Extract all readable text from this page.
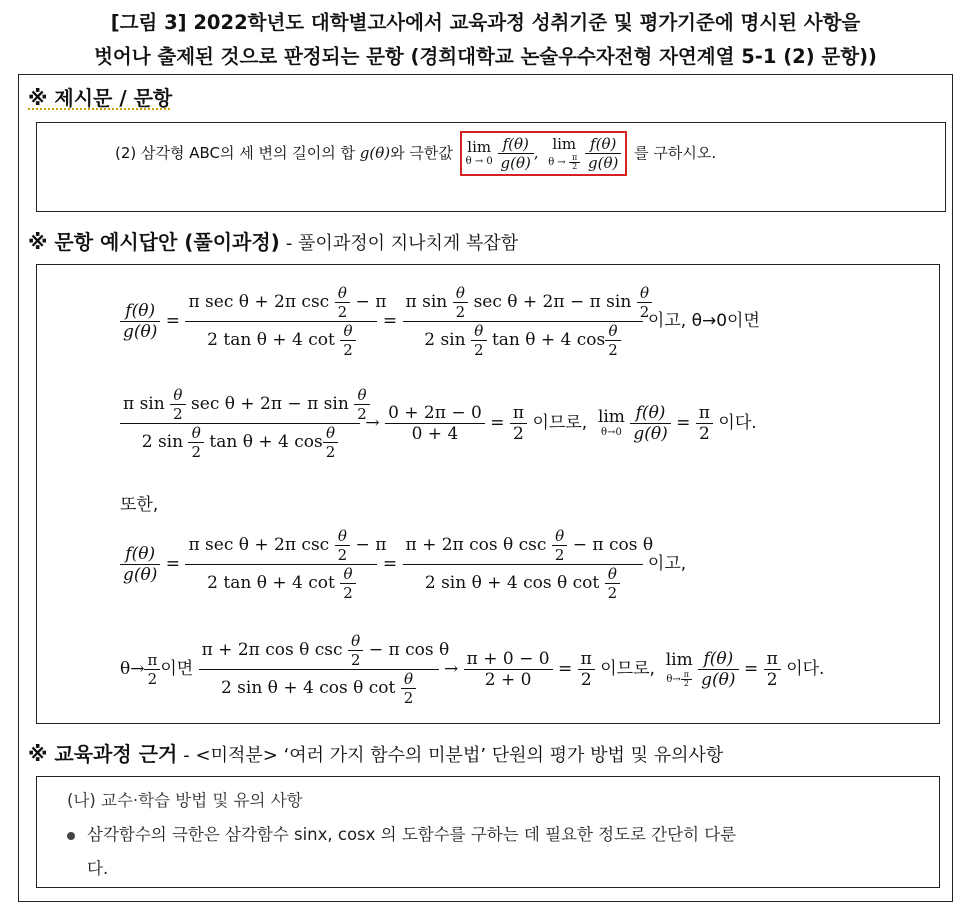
[그림 3] 2022학년도 대학별고사에서 교육과정 성취기준 및 평가기준에 명시된 사항을
벗어나 출제된 것으로 판정되는 문항 (경희대학교 논술우수자전형 자연계열 5-1 (2) 문항))
※ 제시문 / 문항
(2) 삼각형 ABC의 세 변의 길이의 합 g(θ)와 극한값 lim
θ → 0
$\frac{f(\theta)}{g(\theta)}$ , lim
$\theta \to \frac{\pi}{2}$
$\frac{f(\theta)}{g(\theta)}$ 를 구하시오.
※ 문항 예시답안 (풀이과정) - 풀이과정이 지나치게 복잡함
$\frac{f(\theta)}{g(\theta)} = \frac{\pi \sec \theta + 2\pi \csc \frac{\theta}{2} - \pi}{2 \tan \theta + 4 \cot \frac{\theta}{2}} = \frac{\pi \sin \frac{\theta}{2} \sec \theta + 2\pi - \pi \sin \frac{\theta}{2}}{2 \sin \frac{\theta}{2} \tan \theta + 4 \cos \frac{\theta}{2}}$ 이고, θ→0이면
$\frac{\pi \sin \frac{\theta}{2} \sec \theta + 2\pi - \pi \sin \frac{\theta}{2}}{2 \sin \frac{\theta}{2} \tan \theta + 4 \cos \frac{\theta}{2}} \to \frac{0 + 2\pi - 0}{0 + 4} = \frac{\pi}{2}$ 이므로, lim
θ→0
$\frac{f(\theta)}{g(\theta)} = \frac{\pi}{2}$ 이다.
또한,
$\frac{f(\theta)}{g(\theta)} = \frac{\pi \sec \theta + 2\pi \csc \frac{\theta}{2} - \pi}{2 \tan \theta + 4 \cot \frac{\theta}{2}} = \frac{\pi + 2\pi \cos \theta \csc \frac{\theta}{2} - \pi \cos \theta}{2 \sin \theta + 4 \cos \theta \cot \frac{\theta}{2}}$ 이고,
$\theta\to \frac{\pi}{2}$ 이면 $\frac{\pi + 2\pi \cos \theta \csc \frac{\theta}{2} - \pi \cos \theta}{2 \sin \theta + 4 \cos \theta \cot \frac{\theta}{2}} \to \frac{\pi + 0 - 0}{2 + 0} = \frac{\pi}{2}$ 이므로, lim
$\theta\to \frac{\pi}{2}$
$\frac{f(\theta)}{g(\theta)} = \frac{\pi}{2}$ 이다.
※ 교육과정 근거 - <미적분> ‘여러 가지 함수의 미분법’ 단원의 평가 방법 및 유의사항
(나) 교수·학습 방법 및 유의 사항
삼각함수의 극한은 삼각함수 sinx, cosx 의 도함수를 구하는 데 필요한 정도로 간단히 다룬
다.
